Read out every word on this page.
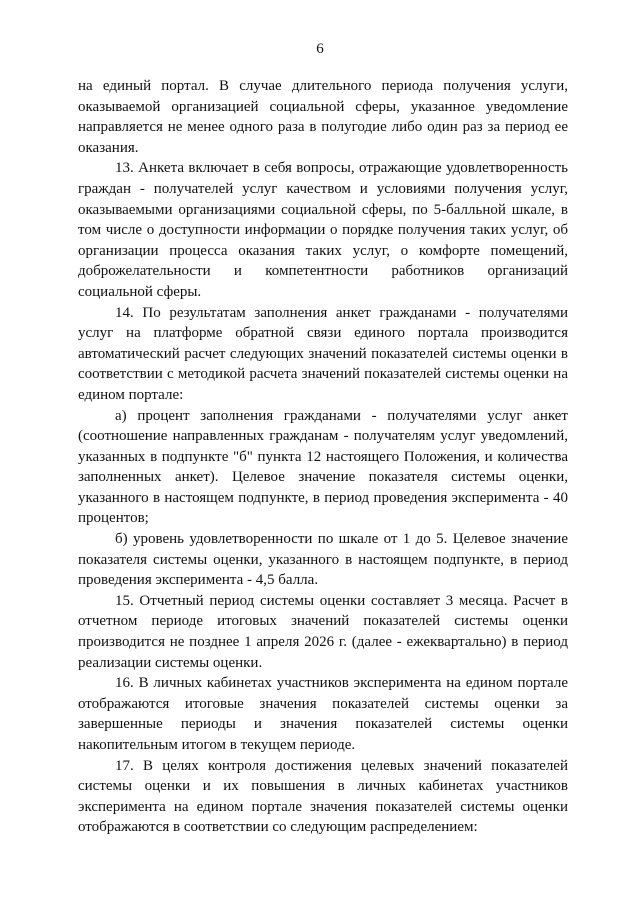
6

на единый портал. В случае длительного периода получения услуги, оказываемой организацией социальной сферы, указанное уведомление направляется не менее одного раза в полугодие либо один раз за период ее оказания.

13. Анкета включает в себя вопросы, отражающие удовлетворенность граждан - получателей услуг качеством и условиями получения услуг, оказываемыми организациями социальной сферы, по 5-балльной шкале, в том числе о доступности информации о порядке получения таких услуг, об организации процесса оказания таких услуг, о комфорте помещений, доброжелательности и компетентности работников организаций социальной сферы.

14. По результатам заполнения анкет гражданами - получателями услуг на платформе обратной связи единого портала производится автоматический расчет следующих значений показателей системы оценки в соответствии с методикой расчета значений показателей системы оценки на едином портале:

а) процент заполнения гражданами - получателями услуг анкет (соотношение направленных гражданам - получателям услуг уведомлений, указанных в подпункте "б" пункта 12 настоящего Положения, и количества заполненных анкет). Целевое значение показателя системы оценки, указанного в настоящем подпункте, в период проведения эксперимента - 40 процентов;

б) уровень удовлетворенности по шкале от 1 до 5. Целевое значение показателя системы оценки, указанного в настоящем подпункте, в период проведения эксперимента - 4,5 балла.

15. Отчетный период системы оценки составляет 3 месяца. Расчет в отчетном периоде итоговых значений показателей системы оценки производится не позднее 1 апреля 2026 г. (далее - ежеквартально) в период реализации системы оценки.

16. В личных кабинетах участников эксперимента на едином портале отображаются итоговые значения показателей системы оценки за завершенные периоды и значения показателей системы оценки накопительным итогом в текущем периоде.

17. В целях контроля достижения целевых значений показателей системы оценки и их повышения в личных кабинетах участников эксперимента на едином портале значения показателей системы оценки отображаются в соответствии со следующим распределением:
